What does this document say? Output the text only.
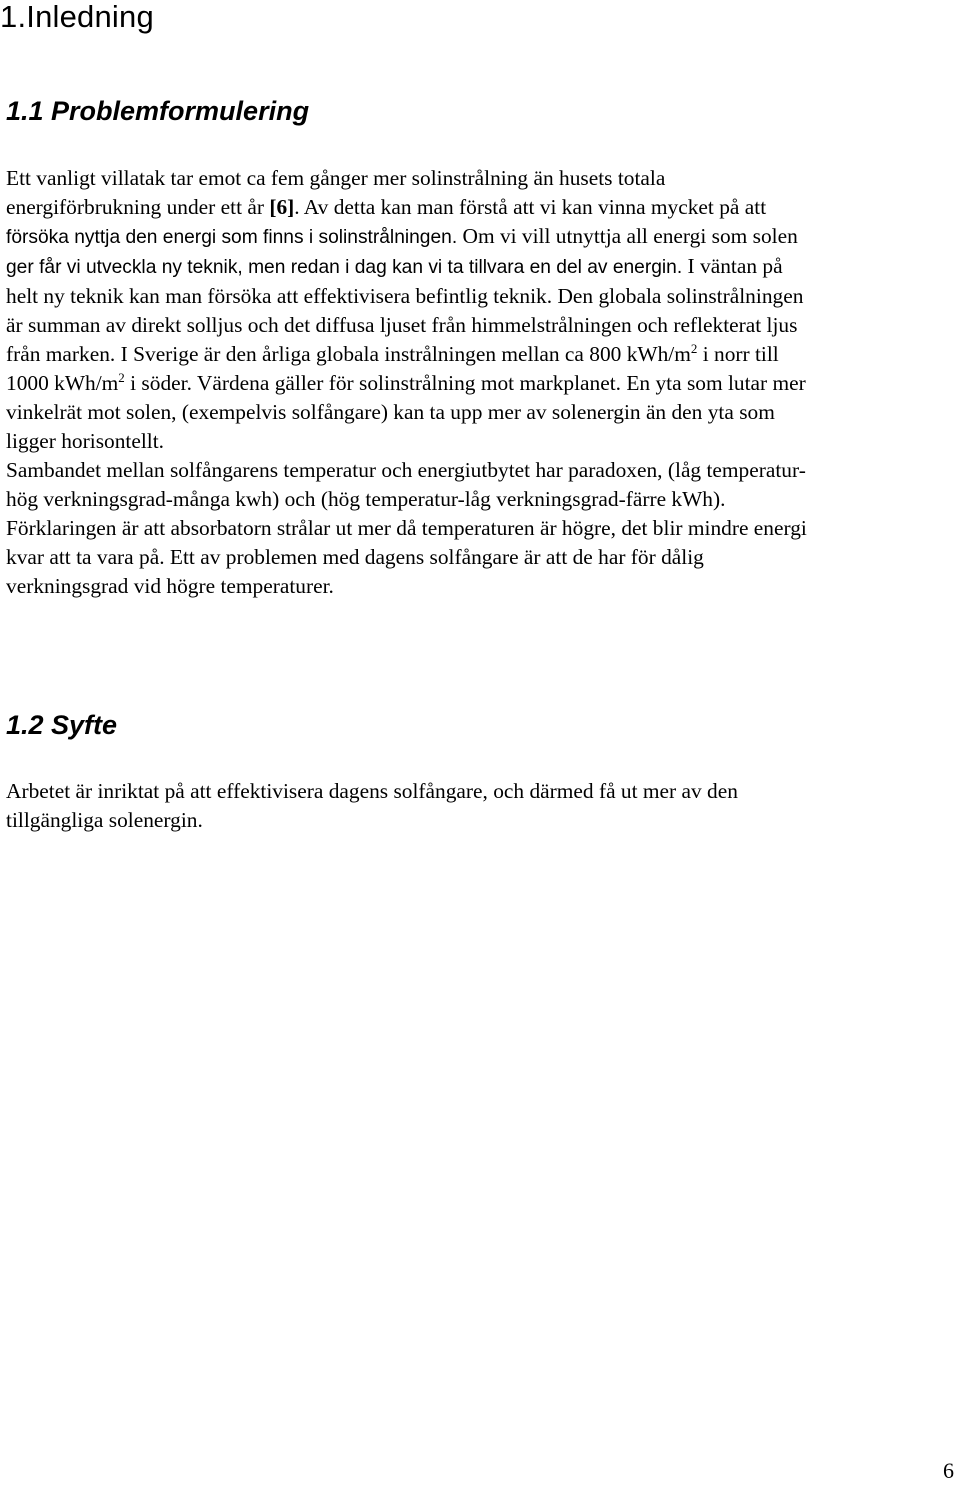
1.Inledning
1.1 Problemformulering
Ett vanligt villatak tar emot ca fem gånger mer solinstrålning än husets totala
energiförbrukning under ett år [6]. Av detta kan man förstå att vi kan vinna mycket på att
försöka nyttja den energi som finns i solinstrålningen. Om vi vill utnyttja all energi som solen
ger får vi utveckla ny teknik, men redan i dag kan vi ta tillvara en del av energin. I väntan på
helt ny teknik kan man försöka att effektivisera befintlig teknik. Den globala solinstrålningen
är summan av direkt solljus och det diffusa ljuset från himmelstrålningen och reflekterat ljus
från marken. I Sverige är den årliga globala instrålningen mellan ca 800 kWh/$m^2$ i norr till
1000 kWh/$m^2$ i söder. Värdena gäller för solinstrålning mot markplanet. En yta som lutar mer
vinkelrät mot solen, (exempelvis solfångare) kan ta upp mer av solenergin än den yta som
ligger horisontellt.
Sambandet mellan solfångarens temperatur och energiutbytet har paradoxen, (låg temperatur-
hög verkningsgrad-många kwh) och (hög temperatur-låg verkningsgrad-färre kWh).
Förklaringen är att absorbatorn strålar ut mer då temperaturen är högre, det blir mindre energi
kvar att ta vara på. Ett av problemen med dagens solfångare är att de har för dålig
verkningsgrad vid högre temperaturer.
1.2 Syfte
Arbetet är inriktat på att effektivisera dagens solfångare, och därmed få ut mer av den
tillgängliga solenergin.
6
